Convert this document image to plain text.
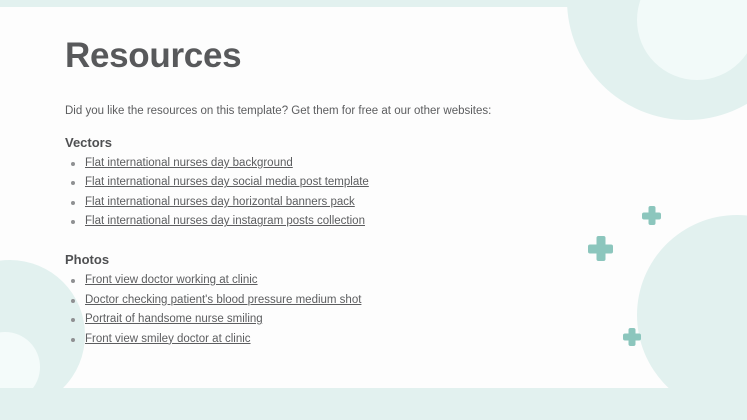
Resources

Did you like the resources on this template? Get them for free at our other websites:

Vectors
Flat international nurses day background
Flat international nurses day social media post template
Flat international nurses day horizontal banners pack
Flat international nurses day instagram posts collection
Photos
Front view doctor working at clinic
Doctor checking patient's blood pressure medium shot
Portrait of handsome nurse smiling
Front view smiley doctor at clinic
